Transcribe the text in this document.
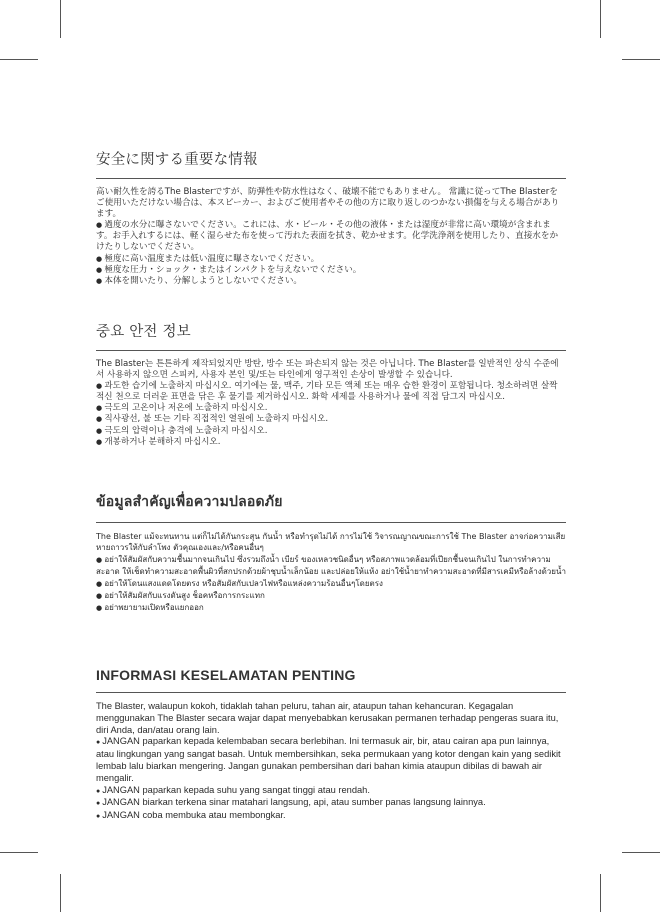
安全に関する重要な情報

高い耐久性を誇るThe Blasterですが、防弾性や防水性はなく、破壊不能でもありません。 常識に従ってThe Blasterをご使用いただけない場合は、本スピーカー、およびご使用者やその他の方に取り返しのつかない損傷を与える場合があります。

● 過度の水分に曝さないでください。これには、水・ビール・その他の液体・または湿度が非常に高い環境が含まれます。お手入れするには、軽く湿らせた布を使って汚れた表面を拭き、乾かせます。化学洗浄剤を使用したり、直接水をかけたりしないでください。
● 極度に高い温度または低い温度に曝さないでください。
● 極度な圧力・ショック・またはインパクトを与えないでください。
● 本体を開いたり、分解しようとしないでください。
중요 안전 정보

The Blaster는 튼튼하게 제작되었지만 방탄, 방수 또는 파손되지 않는 것은 아닙니다. The Blaster를 일반적인 상식 수준에서 사용하지 않으면 스피커, 사용자 본인 및/또는 타인에게 영구적인 손상이 발생할 수 있습니다.

● 과도한 습기에 노출하지 마십시오. 여기에는 물, 맥주, 기타 모든 액체 또는 매우 습한 환경이 포함됩니다. 청소하려면 살짝 적신 천으로 더러운 표면을 닦은 후 물기를 제거하십시오. 화학 세제를 사용하거나 물에 직접 담그지 마십시오.
● 극도의 고온이나 저온에 노출하지 마십시오.
● 직사광선, 불 또는 기타 직접적인 열원에 노출하지 마십시오.
● 극도의 압력이나 충격에 노출하지 마십시오.
● 개봉하거나 분해하지 마십시오.
ข้อมูลสำคัญเพื่อความปลอดภัย

The Blaster แม้จะทนทาน แต่ก็ไม่ได้กันกระสุน กันน้ำ หรือทำรุดไม่ได้ การไม่ใช้ วิจารณญาณขณะการใช้ The Blaster อาจก่อความเสียหายถาวรให้กับลำโพง ตัวคุณเองและ/หรือคนอื่นๆ

● อย่าให้สัมผัสกับความชื้นมากจนเกินไป ซึ่งรวมถึงน้ำ เบียร์ ของเหลวชนิดอื่นๆ หรือสภาพแวดล้อมที่เปียกชื้นจนเกินไป ในการทำความสะอาด ให้เช็ดทำความสะอาดพื้นผิวที่สกปรกด้วยผ้าชุบน้ำเล็กน้อย และปล่อยให้แห้ง อย่าใช้น้ำยาทำความสะอาดที่มีสารเคมีหรือล้างด้วยน้ำ
● อย่าให้โดนแสงแดดโดยตรง หรือสัมผัสกับเปลวไฟหรือแหล่งความร้อนอื่นๆโดยตรง
● อย่าให้สัมผัสกับแรงดันสูง ช็อคหรือการกระแทก
● อย่าพยายามเปิดหรือแยกออก
INFORMASI KESELAMATAN PENTING

The Blaster, walaupun kokoh, tidaklah tahan peluru, tahan air, ataupun tahan kehancuran. Kegagalan menggunakan The Blaster secara wajar dapat menyebabkan kerusakan permanen terhadap pengeras suara itu, diri Anda, dan/atau orang lain.

● JANGAN paparkan kepada kelembaban secara berlebihan. Ini termasuk air, bir, atau cairan apa pun lainnya, atau lingkungan yang sangat basah. Untuk membersihkan, seka permukaan yang kotor dengan kain yang sedikit lembab lalu biarkan mengering. Jangan gunakan pembersihan dari bahan kimia ataupun dibilas di bawah air mengalir.
● JANGAN paparkan kepada suhu yang sangat tinggi atau rendah.
● JANGAN biarkan terkena sinar matahari langsung, api, atau sumber panas langsung lainnya.
● JANGAN coba membuka atau membongkar.
